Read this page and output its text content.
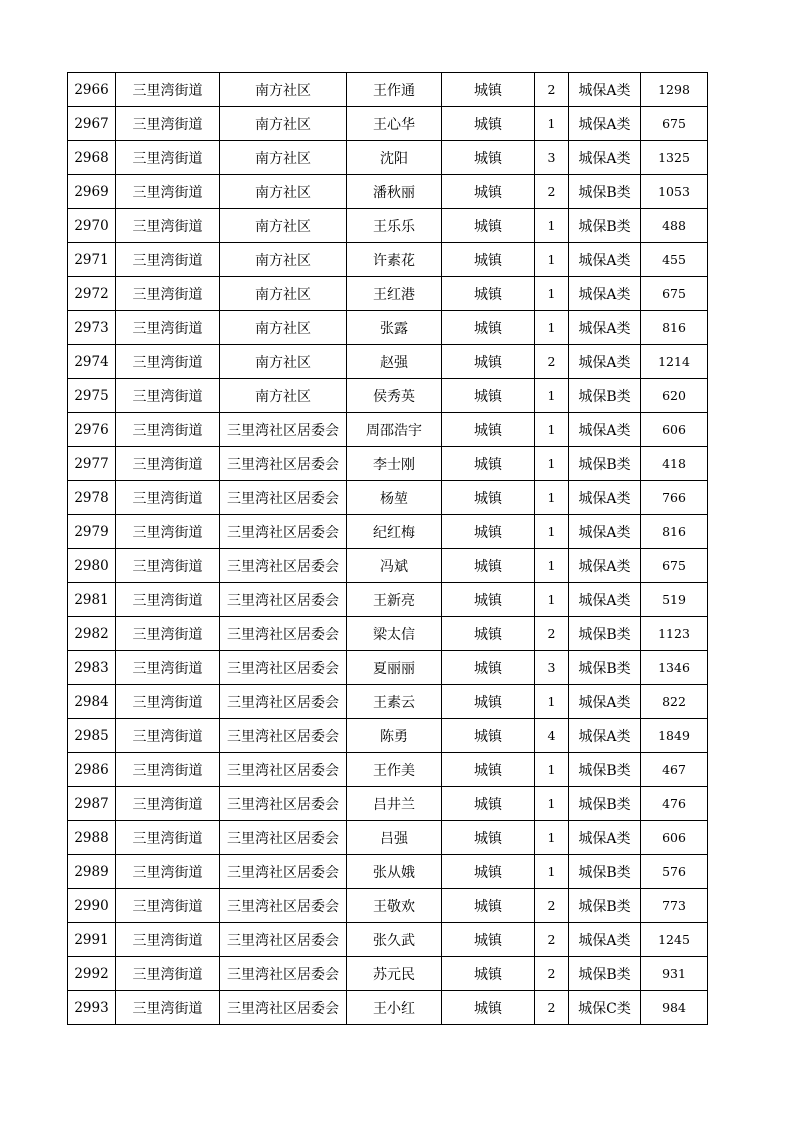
2966	三里湾街道	南方社区	王作通	城镇	2	城保A类	1298
2967	三里湾街道	南方社区	王心华	城镇	1	城保A类	675
2968	三里湾街道	南方社区	沈阳	城镇	3	城保A类	1325
2969	三里湾街道	南方社区	潘秋丽	城镇	2	城保B类	1053
2970	三里湾街道	南方社区	王乐乐	城镇	1	城保B类	488
2971	三里湾街道	南方社区	许素花	城镇	1	城保A类	455
2972	三里湾街道	南方社区	王红港	城镇	1	城保A类	675
2973	三里湾街道	南方社区	张露	城镇	1	城保A类	816
2974	三里湾街道	南方社区	赵强	城镇	2	城保A类	1214
2975	三里湾街道	南方社区	侯秀英	城镇	1	城保B类	620
2976	三里湾街道	三里湾社区居委会	周邵浩宇	城镇	1	城保A类	606
2977	三里湾街道	三里湾社区居委会	李士刚	城镇	1	城保B类	418
2978	三里湾街道	三里湾社区居委会	杨堃	城镇	1	城保A类	766
2979	三里湾街道	三里湾社区居委会	纪红梅	城镇	1	城保A类	816
2980	三里湾街道	三里湾社区居委会	冯斌	城镇	1	城保A类	675
2981	三里湾街道	三里湾社区居委会	王新亮	城镇	1	城保A类	519
2982	三里湾街道	三里湾社区居委会	梁太信	城镇	2	城保B类	1123
2983	三里湾街道	三里湾社区居委会	夏丽丽	城镇	3	城保B类	1346
2984	三里湾街道	三里湾社区居委会	王素云	城镇	1	城保A类	822
2985	三里湾街道	三里湾社区居委会	陈勇	城镇	4	城保A类	1849
2986	三里湾街道	三里湾社区居委会	王作美	城镇	1	城保B类	467
2987	三里湾街道	三里湾社区居委会	吕井兰	城镇	1	城保B类	476
2988	三里湾街道	三里湾社区居委会	吕强	城镇	1	城保A类	606
2989	三里湾街道	三里湾社区居委会	张从娥	城镇	1	城保B类	576
2990	三里湾街道	三里湾社区居委会	王敬欢	城镇	2	城保B类	773
2991	三里湾街道	三里湾社区居委会	张久武	城镇	2	城保A类	1245
2992	三里湾街道	三里湾社区居委会	苏元民	城镇	2	城保B类	931
2993	三里湾街道	三里湾社区居委会	王小红	城镇	2	城保C类	984
